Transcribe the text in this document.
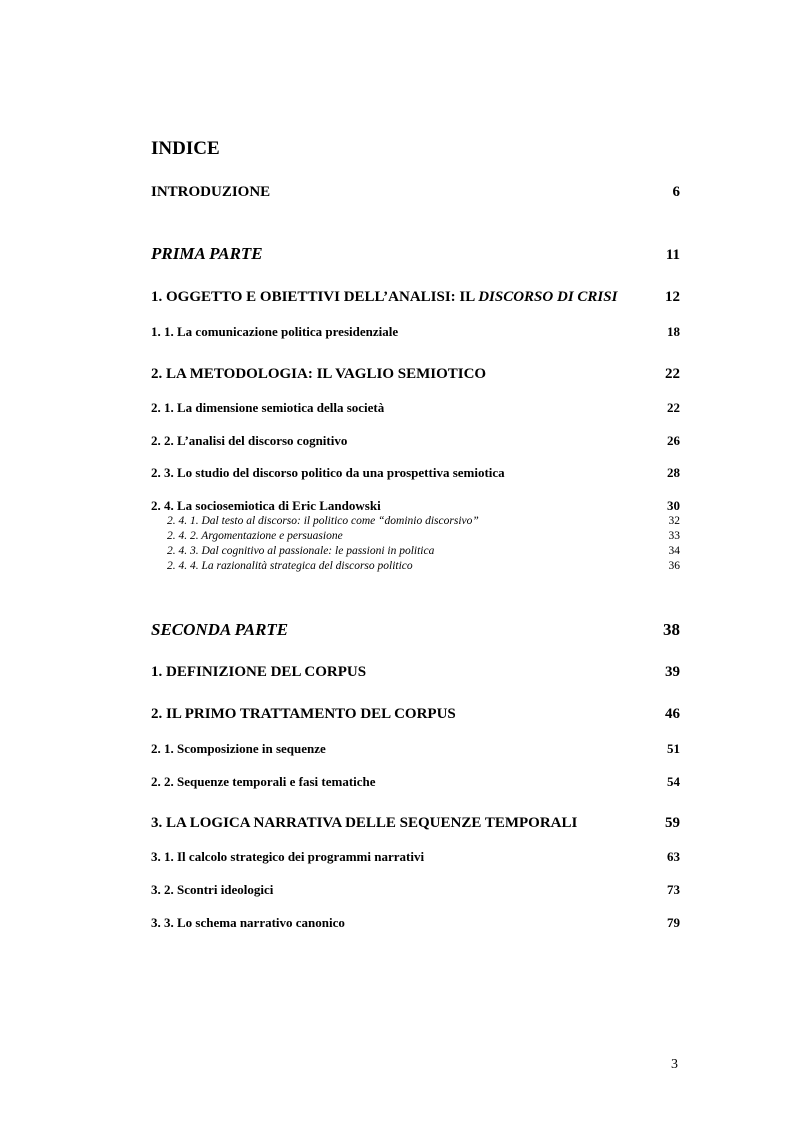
INDICE
INTRODUZIONE	6
PRIMA PARTE	11
1. OGGETTO E OBIETTIVI DELL’ANALISI: IL DISCORSO DI CRISI	12
1. 1. La comunicazione politica presidenziale	18
2. LA METODOLOGIA: IL VAGLIO SEMIOTICO	22
2. 1. La dimensione semiotica della società	22
2. 2. L’analisi del discorso cognitivo	26
2. 3. Lo studio del discorso politico da una prospettiva semiotica	28
2. 4. La sociosemiotica di Eric Landowski	30
2. 4. 1. Dal testo al discorso: il politico come “dominio discorsivo”	32
2. 4. 2. Argomentazione e persuasione	33
2. 4. 3. Dal cognitivo al passionale: le passioni in politica	34
2. 4. 4. La razionalità strategica del discorso politico	36
SECONDA PARTE	38
1. DEFINIZIONE DEL CORPUS	39
2. IL PRIMO TRATTAMENTO DEL CORPUS	46
2. 1. Scomposizione in sequenze	51
2. 2. Sequenze temporali e fasi tematiche	54
3. LA LOGICA NARRATIVA DELLE SEQUENZE TEMPORALI	59
3. 1. Il calcolo strategico dei programmi narrativi	63
3. 2. Scontri ideologici	73
3. 3. Lo schema narrativo canonico	79
3
